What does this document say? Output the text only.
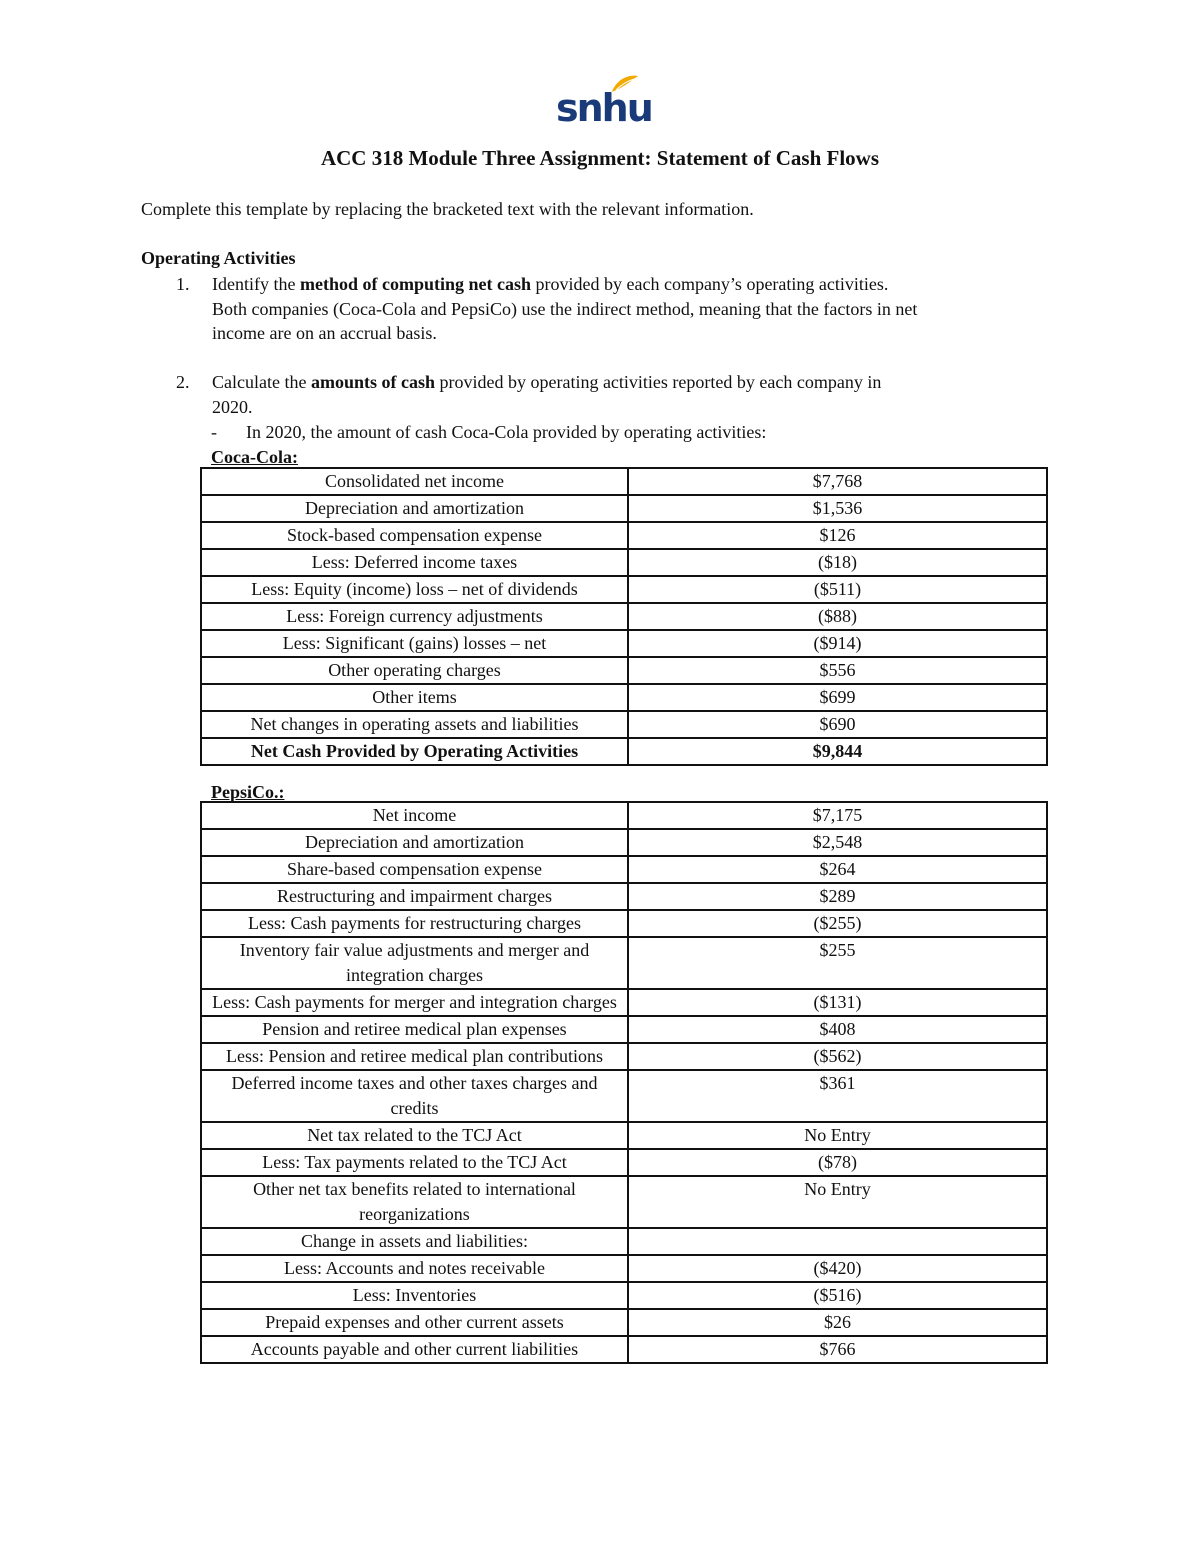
snhu
ACC 318 Module Three Assignment: Statement of Cash Flows
Complete this template by replacing the bracketed text with the relevant information.
Operating Activities
1. Identify the method of computing net cash provided by each company’s operating activities.
Both companies (Coca-Cola and PepsiCo) use the indirect method, meaning that the factors in net
income are on an accrual basis.
2. Calculate the amounts of cash provided by operating activities reported by each company in
2020.
- In 2020, the amount of cash Coca-Cola provided by operating activities:
Coca-Cola:
Consolidated net income	$7,768
Depreciation and amortization	$1,536
Stock-based compensation expense	$126
Less: Deferred income taxes	($18)
Less: Equity (income) loss – net of dividends	($511)
Less: Foreign currency adjustments	($88)
Less: Significant (gains) losses – net	($914)
Other operating charges	$556
Other items	$699
Net changes in operating assets and liabilities	$690
Net Cash Provided by Operating Activities	$9,844
PepsiCo.:
Net income	$7,175
Depreciation and amortization	$2,548
Share-based compensation expense	$264
Restructuring and impairment charges	$289
Less: Cash payments for restructuring charges	($255)
Inventory fair value adjustments and merger and integration charges	$255
Less: Cash payments for merger and integration charges	($131)
Pension and retiree medical plan expenses	$408
Less: Pension and retiree medical plan contributions	($562)
Deferred income taxes and other taxes charges and credits	$361
Net tax related to the TCJ Act	No Entry
Less: Tax payments related to the TCJ Act	($78)
Other net tax benefits related to international reorganizations	No Entry
Change in assets and liabilities:	
Less: Accounts and notes receivable	($420)
Less: Inventories	($516)
Prepaid expenses and other current assets	$26
Accounts payable and other current liabilities	$766
